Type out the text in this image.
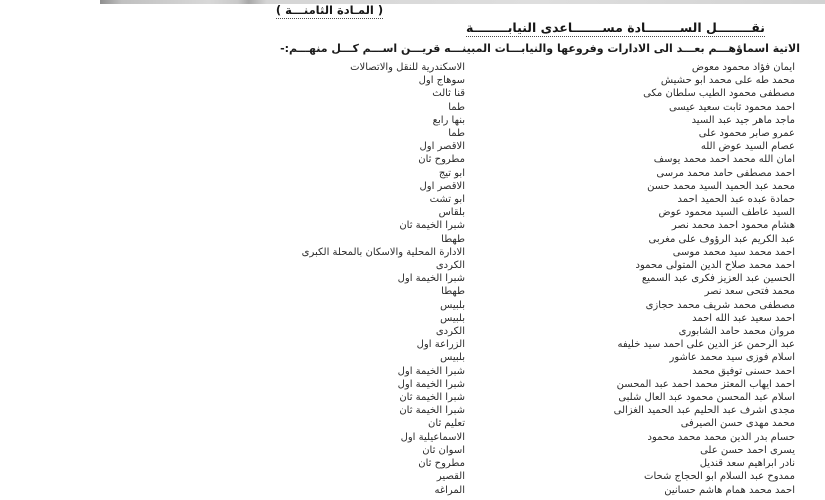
( المـادة الثامنـــة )
نقــــــــل الســــــــادة مســـــــاعدى النيابــــــــة
الاتية اسماؤهـــم بعـــد الى الادارات وفروعها والنيابـــات المبينـــه قريـــن اســـم كـــل منهـــم:-
ايمان فؤاد محمود معوض
الاسكندرية للنقل والاتصالات
محمد طه على محمد ابو حشيش
سوهاج اول
مصطفى محمود الطيب سلطان مكى
قنا ثالث
احمد محمود ثابت سعيد عيسى
طما
ماجد ماهر جيد عبد السيد
بنها رابع
عمرو صابر محمود على
طما
عصام السيد عوض الله
الاقصر اول
امان الله محمد احمد محمد يوسف
مطروح ثان
احمد مصطفى حامد محمد مرسى
ابو تيج
محمد عبد الحميد السيد محمد حسن
الاقصر اول
حمادة عبده عبد الحميد احمد
ابو تشت
السيد عاطف السيد محمود عوض
بلقاس
هشام محمود احمد محمد نصر
شبرا الخيمة ثان
عبد الكريم عبد الرؤوف على مغربى
طهطا
احمد محمد سيد محمد موسى
الادارة المحلية والاسكان بالمحلة الكبرى
احمد محمد صلاح الدين المتولى محمود
الكردى
الحسين عبد العزيز فكرى عبد السميع
شبرا الخيمة اول
محمد فتحى سعد نصر
طهطا
مصطفى محمد شريف محمد حجازى
بلبيس
احمد سعيد عبد الله احمد
بلبيس
مروان محمد حامد الشابورى
الكردى
عبد الرحمن عز الدين على احمد سيد خليفه
الزراعة اول
اسلام فوزى سيد محمد عاشور
بلبيس
احمد حسنى توفيق محمد
شبرا الخيمة اول
احمد ايهاب المعتز محمد احمد عبد المحسن
شبرا الخيمة اول
اسلام عبد المحسن محمود عبد العال شلبى
شبرا الخيمة ثان
مجدى اشرف عبد الحليم عبد الحميد الغزالى
شبرا الخيمة ثان
محمد مهدى حسن الصيرفى
تعليم ثان
حسام بدر الدين محمد محمد محمود
الاسماعيلية اول
يسرى احمد حسن على
اسوان ثان
نادر ابراهيم سعد قنديل
مطروح ثان
ممدوح عبد السلام ابو الحجاج شحات
القصير
احمد محمد همام هاشم حسانين
المراغه
